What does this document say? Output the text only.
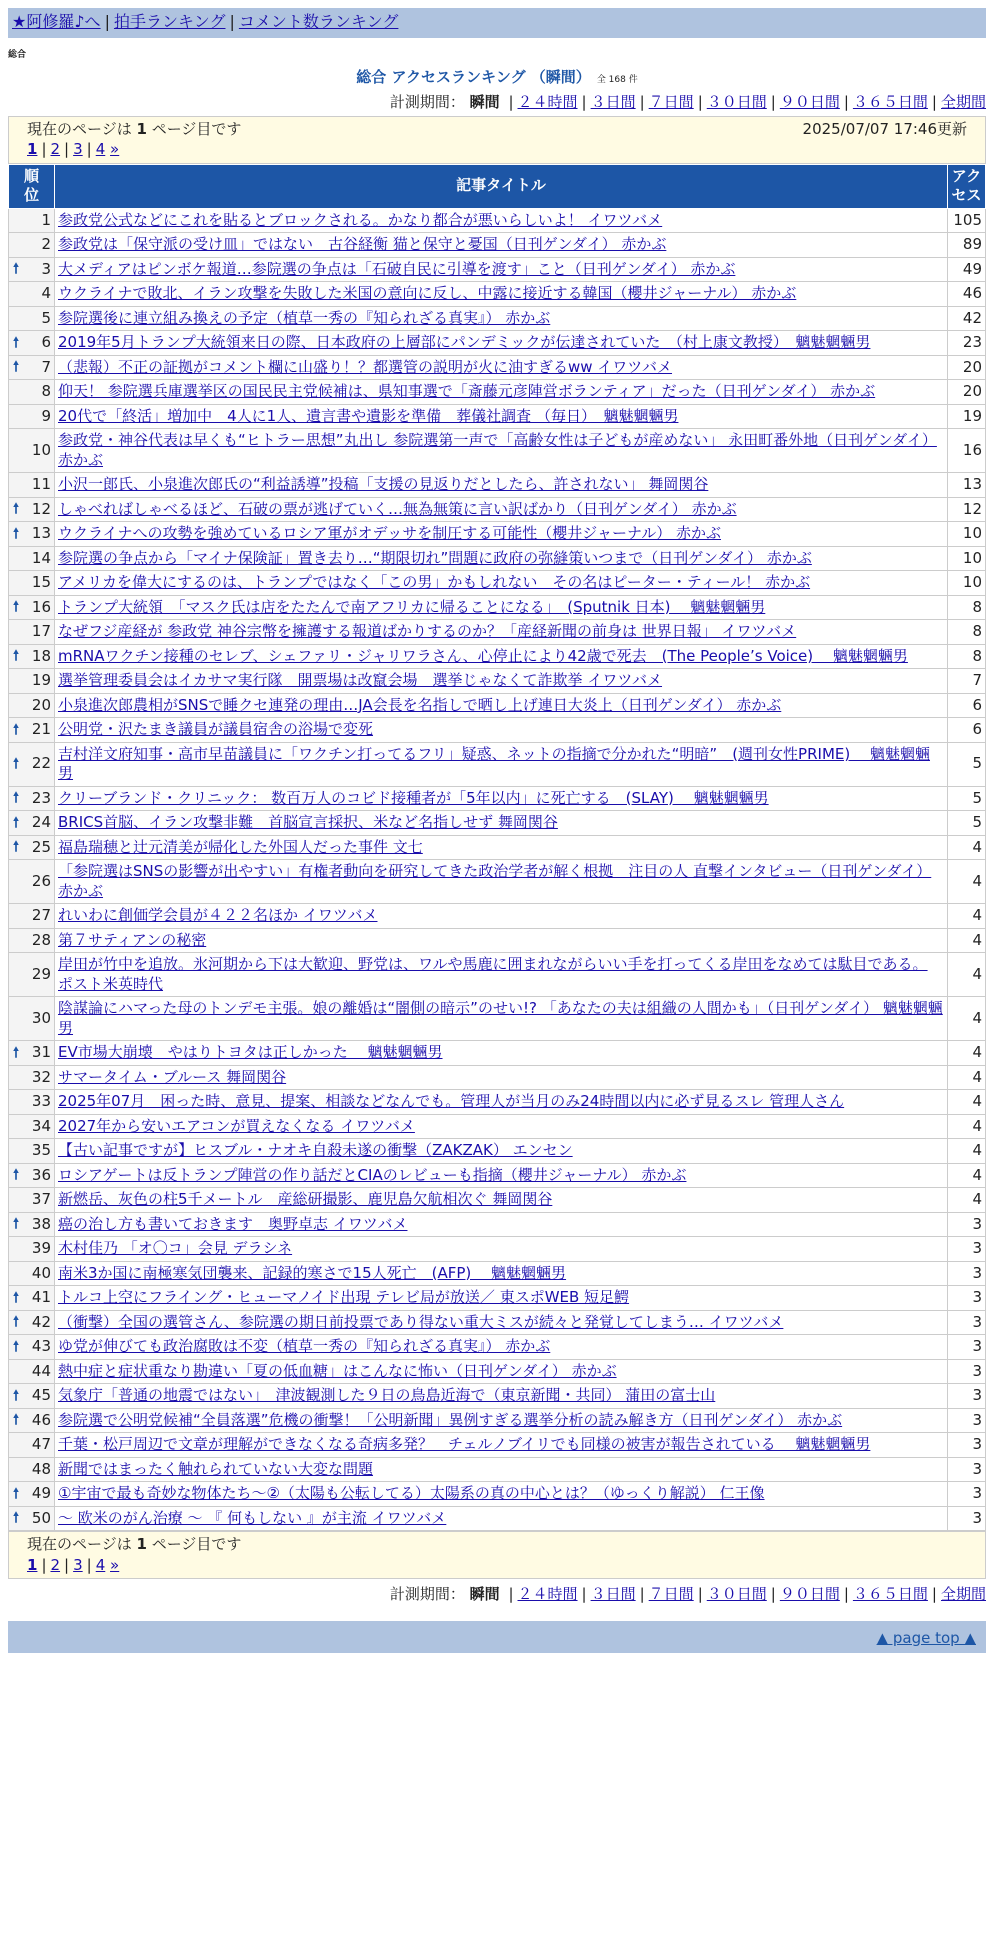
★阿修羅♪へ | 拍手ランキング | コメント数ランキング
総合
総合 アクセスランキング （瞬間） 全 168 件
計測期間： 瞬間 | ２４時間 | ３日間 | ７日間 | ３０日間 | ９０日間 | ３６５日間 | 全期間
現在のページは 1 ページ目です	2025/07/07 17:46更新
1 | 2 | 3 | 4 »
順位	記事タイトル	アクセス

1	参政党公式などにこれを貼るとブロックされる。かなり都合が悪いらしいよ！ イワツバメ	105
2	参政党は「保守派の受け皿」ではない　古谷経衡 猫と保守と憂国（日刊ゲンダイ） 赤かぶ	89

🠕 3	大メディアはピンボケ報道…参院選の争点は「石破自民に引導を渡す」こと（日刊ゲンダイ） 赤かぶ	49
4	ウクライナで敗北、イラン攻撃を失敗した米国の意向に反し、中露に接近する韓国（櫻井ジャーナル） 赤かぶ	46
5	参院選後に連立組み換えの予定（植草一秀の『知られざる真実』） 赤かぶ	42

🠕 6	2019年5月トランプ大統領来日の際、日本政府の上層部にパンデミックが伝達されていた　（村上康文教授）　魑魅魍魎男	23

🠕 7	（悲報）不正の証拠がコメント欄に山盛り！？都選管の説明が火に油すぎるww イワツバメ	20
8	仰天！ 参院選兵庫選挙区の国民民主党候補は、県知事選で「斎藤元彦陣営ボランティア」だった（日刊ゲンダイ） 赤かぶ	20
9	20代で「終活」増加中　4人に1人、遺言書や遺影を準備　葬儀社調査 （毎日）　魑魅魍魎男	19
10	参政党・神谷代表は早くも“ヒトラー思想”丸出し 参院選第一声で「高齢女性は子どもが産めない」 永田町番外地（日刊ゲンダイ） 赤かぶ	16
11	小沢一郎氏、小泉進次郎氏の“利益誘導”投稿「支援の見返りだとしたら、許されない」 舞岡関谷	13

🠕 12	しゃべればしゃべるほど、石破の票が逃げていく…無為無策に言い訳ばかり（日刊ゲンダイ） 赤かぶ	12

🠕 13	ウクライナへの攻勢を強めているロシア軍がオデッサを制圧する可能性（櫻井ジャーナル） 赤かぶ	10
14	参院選の争点から「マイナ保険証」置き去り…“期限切れ”問題に政府の弥縫策いつまで（日刊ゲンダイ） 赤かぶ	10
15	アメリカを偉大にするのは、トランプではなく「この男」かもしれない　その名はピーター・ティール！ 赤かぶ	10

🠕 16	トランプ大統領　「マスク氏は店をたたんで南アフリカに帰ることになる」　(Sputnik 日本)　 魑魅魍魎男	8
17	なぜフジ産経が 参政党 神谷宗幣を擁護する報道ばかりするのか？「産経新聞の前身は 世界日報」 イワツバメ	8

🠕 18	mRNAワクチン接種のセレブ、シェファリ・ジャリワラさん、心停止により42歳で死去　(The People’s Voice)　 魑魅魍魎男	8
19	選挙管理委員会はイカサマ実行隊　開票場は改竄会場　選挙じゃなくて詐欺挙 イワツバメ	7
20	小泉進次郎農相がSNSで睡クセ連発の理由…JA会長を名指しで晒し上げ連日大炎上（日刊ゲンダイ） 赤かぶ	6

🠕 21	公明党・沢たまき議員が議員宿舎の浴場で変死	6

🠕 22	吉村洋文府知事・高市早苗議員に「ワクチン打ってるフリ」疑惑、ネットの指摘で分かれた“明暗”　(週刊女性PRIME)　 魑魅魍魎男	5

🠕 23	クリーブランド・クリニック： 数百万人のコビド接種者が「5年以内」に死亡する　(SLAY)　 魑魅魍魎男	5

🠕 24	BRICS首脳、イラン攻撃非難　首脳宣言採択、米など名指しせず 舞岡関谷	5

🠕 25	福島瑞穂と辻元清美が帰化した外国人だった事件 文七	4
26	「参院選はSNSの影響が出やすい」有権者動向を研究してきた政治学者が解く根拠　注目の人 直撃インタビュー（日刊ゲンダイ） 赤かぶ	4
27	れいわに創価学会員が４２２名ほか イワツバメ	4
28	第７サティアンの秘密	4
29	岸田が竹中を追放。氷河期から下は大歓迎、野党は、ワルや馬鹿に囲まれながらいい手を打ってくる岸田をなめては駄目である。 ポスト米英時代	4
30	陰謀論にハマった母のトンデモ主張。娘の離婚は“闇側の暗示”のせい!? 「あなたの夫は組織の人間かも」（日刊ゲンダイ） 魑魅魍魎男	4

🠕 31	EV市場大崩壊　やはりトヨタは正しかった　 魑魅魍魎男	4
32	サマータイム・ブルース 舞岡関谷	4
33	2025年07月　困った時、意見、提案、相談などなんでも。管理人が当月のみ24時間以内に必ず見るスレ 管理人さん	4
34	2027年から安いエアコンが買えなくなる イワツバメ	4
35	【古い記事ですが】ヒスブル・ナオキ自殺未遂の衝撃（ZAKZAK） エンセン	4

🠕 36	ロシアゲートは反トランプ陣営の作り話だとCIAのレビューも指摘（櫻井ジャーナル） 赤かぶ	4
37	新燃岳、灰色の柱5千メートル　産総研撮影、鹿児島欠航相次ぐ 舞岡関谷	4

🠕 38	癌の治し方も書いておきます　奥野卓志 イワツバメ	3
39	木村佳乃 「オ〇コ」会見 デラシネ	3
40	南米3か国に南極寒気団襲来、記録的寒さで15人死亡　(AFP)　 魑魅魍魎男	3

🠕 41	トルコ上空にフライング・ヒューマノイド出現 テレビ局が放送／ 東スポWEB 短足鰐	3

🠕 42	（衝撃）全国の選管さん、参院選の期日前投票であり得ない重大ミスが続々と発覚してしまう… イワツバメ	3

🠕 43	ゆ党が伸びても政治腐敗は不変（植草一秀の『知られざる真実』） 赤かぶ	3
44	熱中症と症状重なり勘違い「夏の低血糖」はこんなに怖い（日刊ゲンダイ） 赤かぶ	3

🠕 45	気象庁「普通の地震ではない」　津波観測した９日の鳥島近海で（東京新聞・共同） 蒲田の富士山	3

🠕 46	参院選で公明党候補“全員落選”危機の衝撃！「公明新聞」異例すぎる選挙分析の読み解き方（日刊ゲンダイ） 赤かぶ	3
47	千葉・松戸周辺で文章が理解ができなくなる奇病多発？　チェルノブイリでも同様の被害が報告されている　 魑魅魍魎男	3
48	新聞ではまったく触れられていない大変な問題	3

🠕 49	①宇宙で最も奇妙な物体たち～②（太陽も公転してる）太陽系の真の中心とは？（ゆっくり解説） 仁王像	3

🠕 50	～ 欧米のがん治療 ～ 『 何もしない 』が主流 イワツバメ	3
現在のページは 1 ページ目です
1 | 2 | 3 | 4 »
計測期間： 瞬間 | ２４時間 | ３日間 | ７日間 | ３０日間 | ９０日間 | ３６５日間 | 全期間
▲ page top ▲
